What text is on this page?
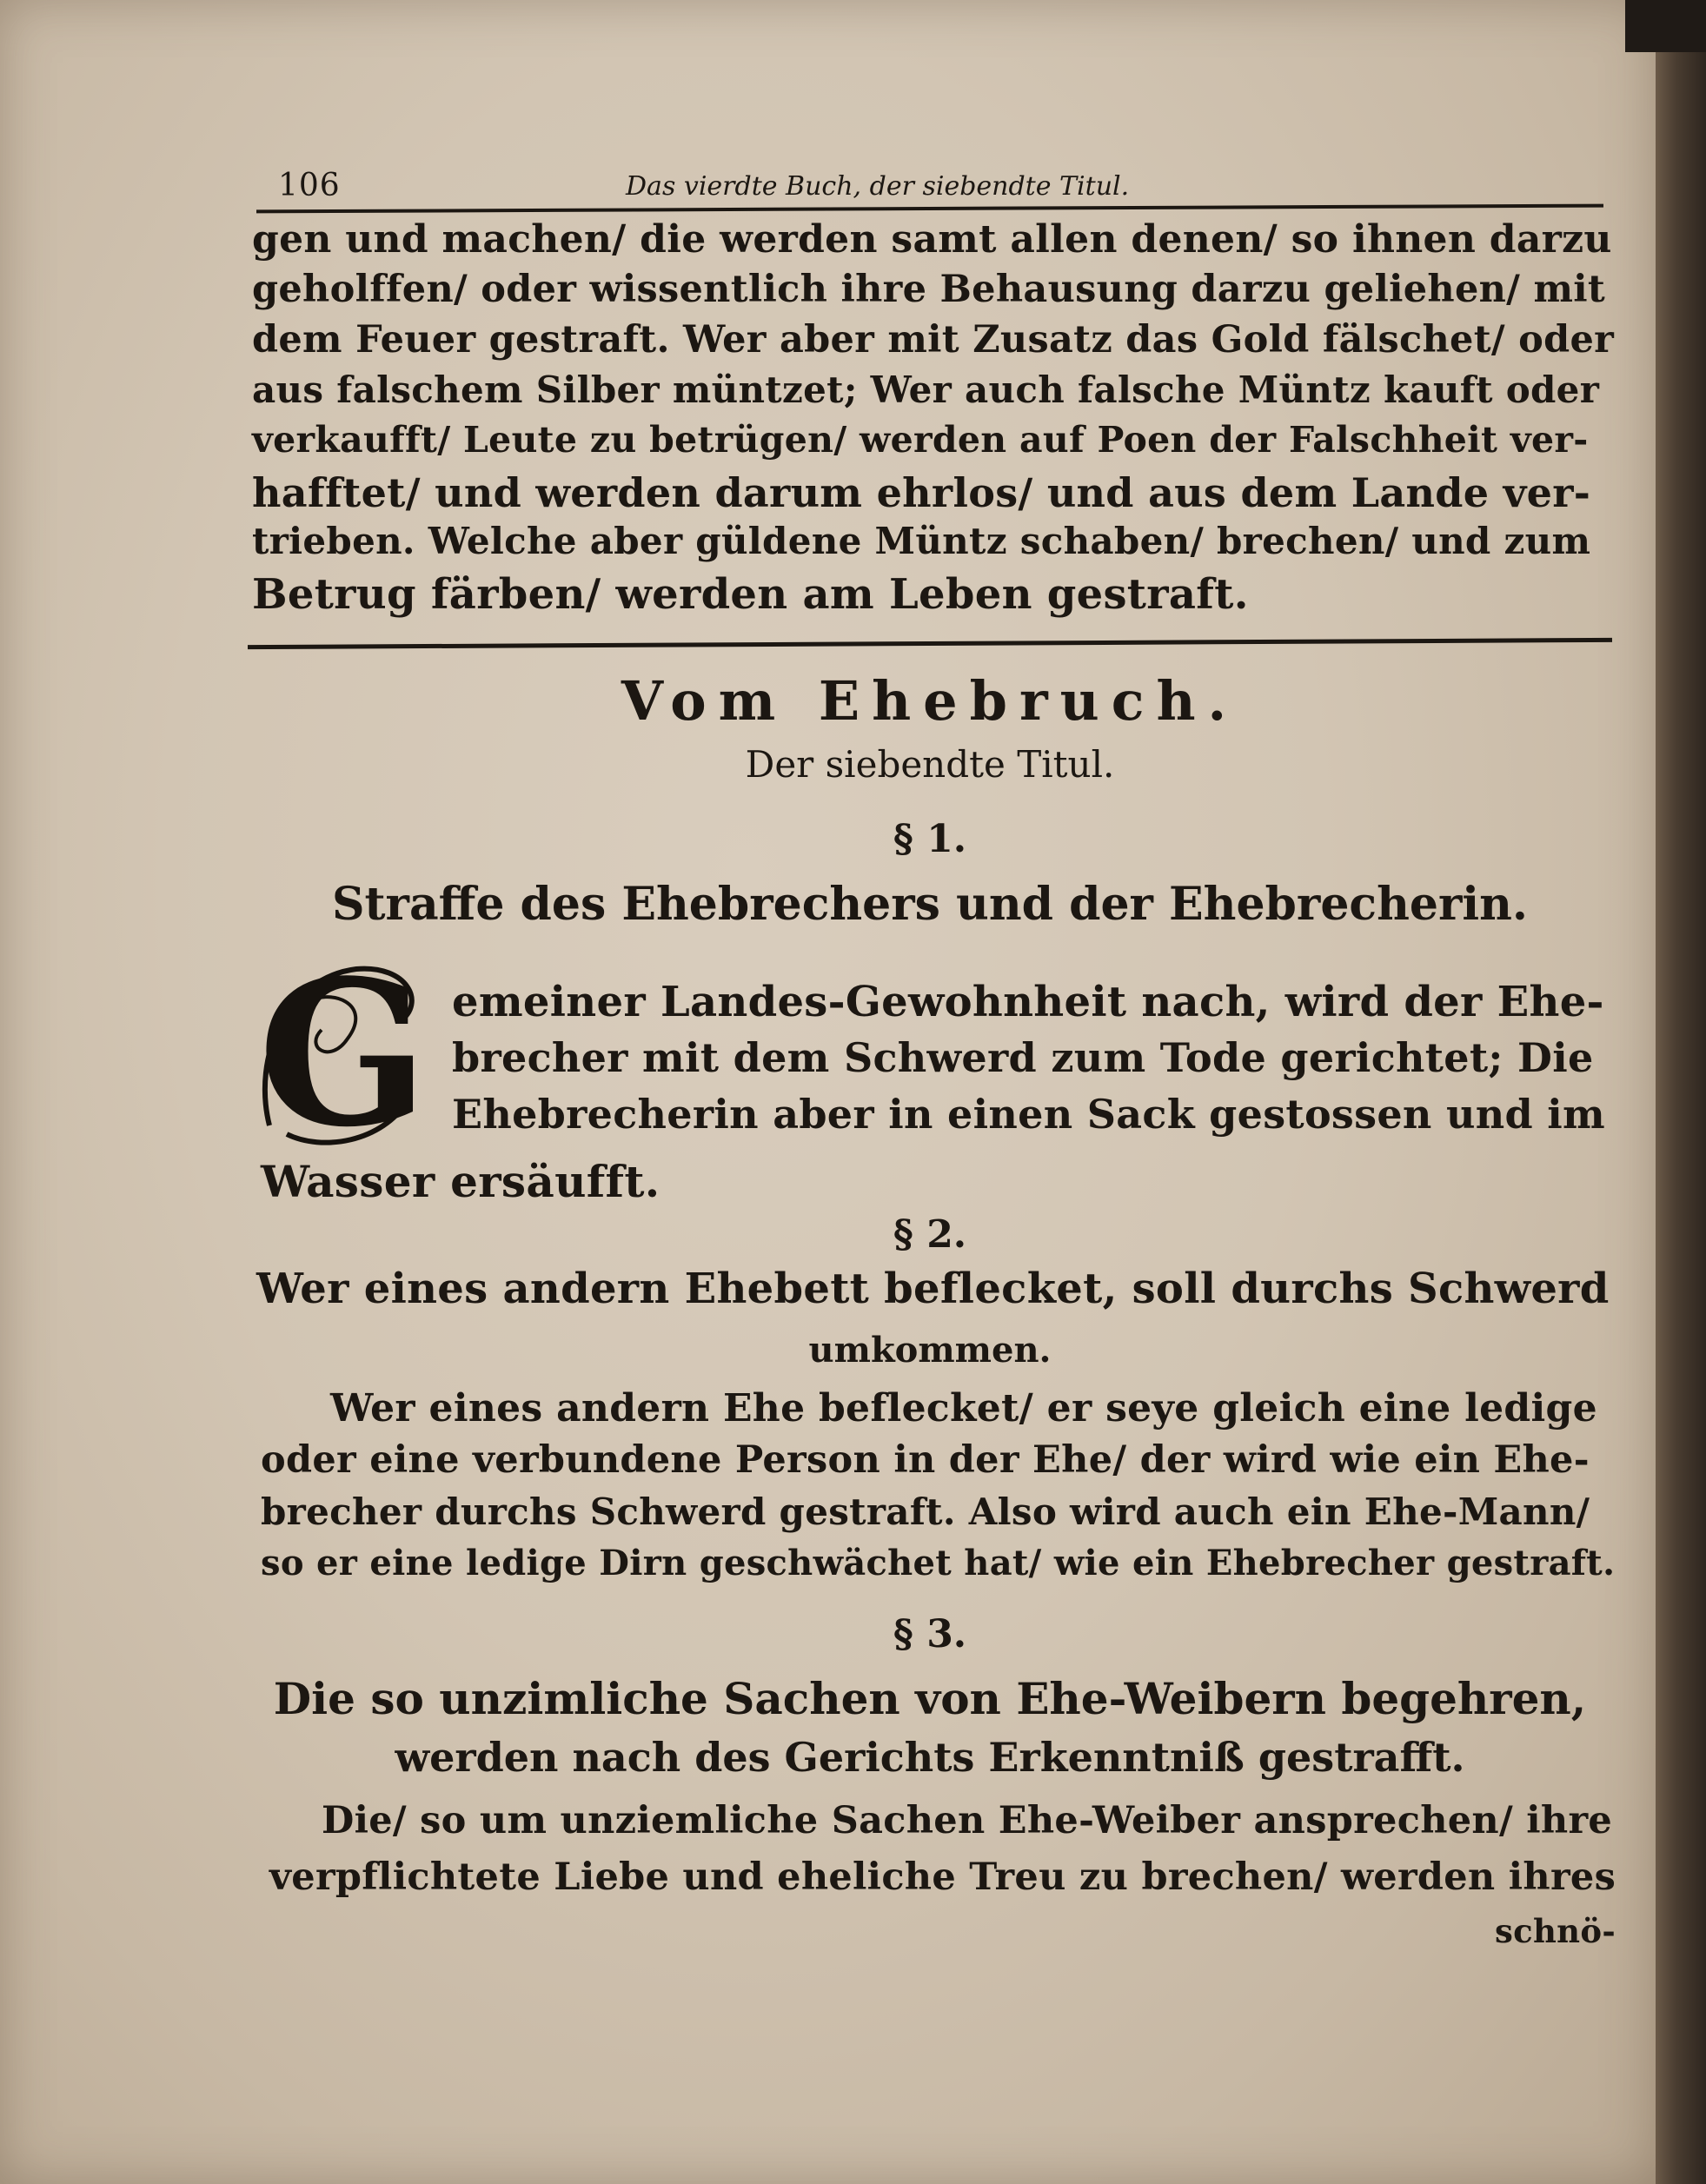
106	Das vierdte Buch, der siebendte Titul.
gen und machen/ die werden samt allen denen/ so ihnen darzu
geholffen/ oder wissentlich ihre Behausung darzu geliehen/ mit
dem Feuer gestraft. Wer aber mit Zusatz das Gold fälschet/ oder
aus falschem Silber müntzet; Wer auch falsche Müntz kauft oder
verkaufft/ Leute zu betrügen/ werden auf Poen der Falschheit ver-
hafftet/ und werden darum ehrlos/ und aus dem Lande ver-
trieben. Welche aber güldene Müntz schaben/ brechen/ und zum
Betrug färben/ werden am Leben gestraft.
Vom Ehebruch.
Der siebendte Titul.
§ 1.
Straffe des Ehebrechers und der Ehebrecherin.
G emeiner Landes-Gewohnheit nach, wird der Ehe-
brecher mit dem Schwerd zum Tode gerichtet; Die
Ehebrecherin aber in einen Sack gestossen und im
Wasser ersäufft.
§ 2.
Wer eines andern Ehebett beflecket, soll durchs Schwerd
umkommen.
Wer eines andern Ehe beflecket/ er seye gleich eine ledige
oder eine verbundene Person in der Ehe/ der wird wie ein Ehe-
brecher durchs Schwerd gestraft. Also wird auch ein Ehe-Mann/
so er eine ledige Dirn geschwächet hat/ wie ein Ehebrecher gestraft.
§ 3.
Die so unzimliche Sachen von Ehe-Weibern begehren,
werden nach des Gerichts Erkenntniß gestrafft.
Die/ so um unziemliche Sachen Ehe-Weiber ansprechen/ ihre
verpflichtete Liebe und eheliche Treu zu brechen/ werden ihres
schnö-
